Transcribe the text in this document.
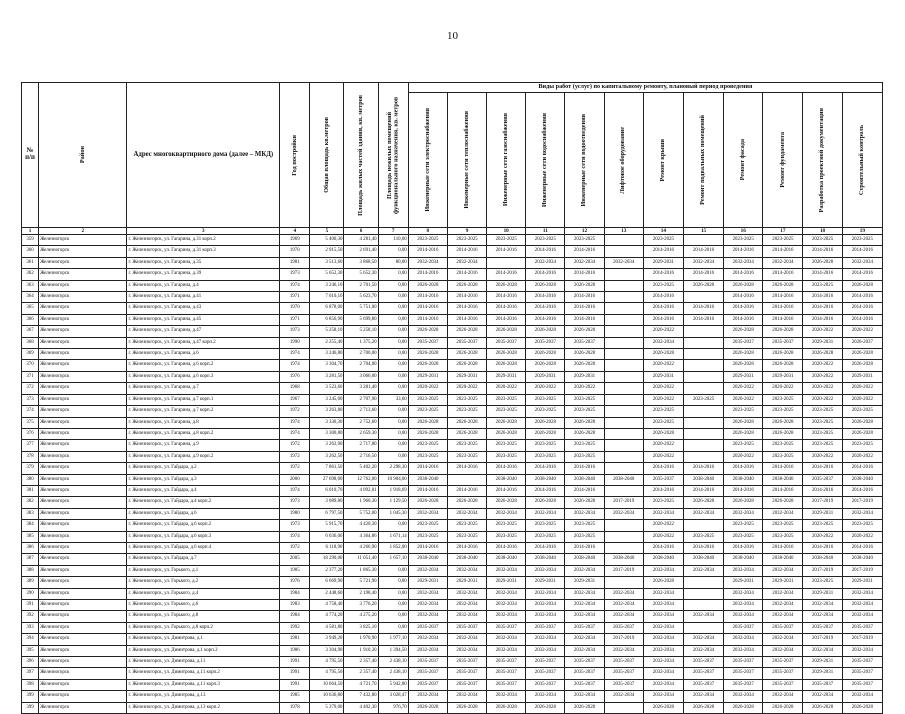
10
№
п/п	Район	Адрес многоквартирного дома (далее – МКД)	Год постройки	Общая площадь кв.метров	Площадь жилых частей здания, кв. метров	Площадь нежилых помещений функционального назначения, кв. метров	Виды работ (услуг) по капитальному ремонту, плановый период проведения											

							Инженерные сети электроснабжения	Инженерные сети теплоснабжения	Инженерные сети газоснабжения	Инженерные сети водоснабжения	Инженерные сети водоотведения	Лифтовое оборудование	Ремонт крыши	Ремонт подвальных помещений	Ремонт фасада	Ремонт фундамента	Разработка проектной документации	Строительный контроль

1	2	3	4	5	6	7	8	9	10	11	12	13	14	15	16	17	18	19
359	Железногорск	г. Железногорск, ул. Гагарина, д.31 корп.2	1969	5 400,30	4 281,40	110,00	2023-2025	2023-2025	2023-2025	2023-2025	2023-2025		2023-2025		2023-2025	2023-2025	2023-2025	2023-2025
360	Железногорск	г. Железногорск, ул. Гагарина, д.31 корп.3	1970	2 915,50	2 691,40	0,00	2014-2016	2014-2016	2014-2016	2014-2016	2014-2016		2014-2016	2014-2016	2014-2016	2014-2016	2014-2016	2014-2016
361	Железногорск	г. Железногорск, ул. Гагарина, д.35	1981	3 513,60	3 868,50	80,00	2032-2034	2032-2034		2032-2034	2032-2034	2032-2034	2029-2031	2032-2034	2032-2034	2032-2034	2026-2028	2032-2034
362	Железногорск	г. Железногорск, ул. Гагарина, д.39	1973	5 652,30	5 652,30	0,00	2014-2016	2014-2016	2014-2016	2014-2016	2014-2016		2014-2016	2014-2016	2014-2016	2014-2016	2014-2016	2014-2016
363	Железногорск	г. Железногорск, ул. Гагарина, д.4	1974	3 246,10	2 701,50	0,00	2026-2028	2026-2028	2026-2028	2026-2028	2026-2028		2023-2025	2026-2028	2026-2028	2026-2028	2023-2025	2026-2028
364	Железногорск	г. Железногорск, ул. Гагарина, д.41	1971	7 010,10	5 623,70	0,00	2014-2016	2014-2016	2014-2016	2014-2016	2014-2016		2014-2016		2014-2016	2014-2016	2014-2016	2014-2016
365	Железногорск	г. Железногорск, ул. Гагарина, д.43	1970	6 878,00	5 751,00	0,00	2014-2016	2014-2016	2014-2016	2014-2016	2014-2016		2014-2016	2014-2016	2014-2016	2014-2016	2014-2016	2014-2016
366	Железногорск	г. Железногорск, ул. Гагарина, д.45	1971	6 856,90	5 699,80	0,00	2014-2016	2014-2016	2014-2016	2014-2016	2014-2016		2014-2016	2014-2016	2014-2016	2014-2016	2014-2016	2014-2016
367	Железногорск	г. Железногорск, ул. Гагарина, д.47	1973	5 258,10	5 258,10	0,00	2026-2028	2026-2028	2026-2028	2026-2028	2026-2028		2020-2022		2026-2028	2026-2028	2020-2022	2020-2022
368	Железногорск	г. Железногорск, ул. Гагарина, д.47 корп.2	1990	2 255,40	1 375,20	0,00	2035-2037	2035-2037	2035-2037	2035-2037	2035-2037		2032-2034		2035-2037	2035-2037	2029-2031	2026-2037
369	Железногорск	г. Железногорск, ул. Гагарина, д.6	1974	3 246,80	2 700,00	0,00	2026-2028	2026-2028	2026-2028	2026-2028	2026-2028		2026-2028		2026-2028	2026-2028	2026-2028	2026-2028
370	Железногорск	г. Железногорск, ул. Гагарина, д.6 корп.2	1974	3 304,70	2 704,00	0,00	2026-2028	2026-2028	2026-2028	2026-2028	2026-2028		2020-2022		2026-2028	2026-2028	2020-2022	2026-2028
371	Железногорск	г. Железногорск, ул. Гагарина, д.6 корп.3	1976	3 281,50	3 066,00	0,00	2029-2031	2029-2031	2029-2031	2029-2031	2029-2031		2029-2031		2029-2031	2029-2031	2020-2022	2029-2031
372	Железногорск	г. Железногорск, ул. Гагарина, д.7	1968	3 523,60	3 281,40	0,00	2020-2022	2020-2022	2020-2022	2020-2022	2020-2022		2020-2022		2020-2022	2020-2022	2020-2022	2020-2022
373	Железногорск	г. Железногорск, ул. Гагарина, д.7 корп.1	1967	3 245,00	2 707,90	33,60	2023-2025	2023-2025	2023-2025	2023-2025	2023-2025		2020-2022	2023-2025	2020-2022	2023-2025	2020-2022	2020-2022
374	Железногорск	г. Железногорск, ул. Гагарина, д.7 корп.2	1972	3 263,80	2 713,60	0,00	2023-2025	2023-2025	2023-2025	2023-2025	2023-2025		2023-2025		2023-2025	2023-2025	2023-2025	2023-2025
375	Железногорск	г. Железногорск, ул. Гагарина, д.8	1974	3 330,30	2 752,60	0,00	2026-2028	2026-2028	2026-2028	2026-2028	2026-2028		2023-2025		2026-2028	2026-2028	2023-2025	2026-2028
376	Железногорск	г. Железногорск, ул. Гагарина, д.8 корп.2	1974	3 300,80	2 659,30	0,00	2026-2028	2026-2028	2026-2028	2026-2028	2026-2028		2026-2028		2026-2028	2026-2028	2023-2025	2026-2028
377	Железногорск	г. Железногорск, ул. Гагарина, д.9	1972	3 263,90	2 717,80	0,00	2023-2025	2023-2025	2023-2025	2023-2025	2023-2025		2020-2022		2023-2025	2023-2025	2023-2025	2023-2025
378	Железногорск	г. Железногорск, ул. Гагарина, д.9 корп.2	1972	3 262,50	2 716,50	0,00	2023-2025	2023-2025	2023-2025	2023-2025	2023-2025		2020-2022		2020-2022	2023-2025	2020-2022	2020-2022
379	Железногорск	г. Железногорск, ул. Гайдара, д.2	1972	7 861,50	5 402,20	2 298,30	2014-2016	2014-2016	2014-2016	2014-2016	2014-2016		2014-2016	2014-2016	2014-2016	2014-2016	2014-2016	2014-2016
380	Железногорск	г. Железногорск, ул. Гайдара, д.3	2000	27 698,00	12 762,00	10 904,00	2038-2040		2038-2040	2038-2040	2038-2040	2038-2040	2035-2037	2038-2040	2038-2040	2038-2040	2035-2037	2038-2040
381	Железногорск	г. Железногорск, ул. Гайдара, д.4	1974	6 010,70	4 092,01	1 918,69	2014-2016	2014-2016	2014-2016	2014-2016	2014-2016		2014-2016	2014-2016	2014-2016	2014-2016	2014-2016	2014-2016
382	Железногорск	г. Железногорск, ул. Гайдара, д.4 корп.2	1973	3 089,80	1 960,30	1 129,50	2026-2028	2026-2028	2026-2028	2026-2028	2026-2028	2017-2019	2023-2025	2026-2028	2026-2028	2026-2028	2017-2019	2017-2019
383	Железногорск	г. Железногорск, ул. Гайдара, д.6	1980	6 797,50	5 752,00	1 045,30	2032-2034	2032-2034	2032-2034	2032-2034	2032-2034	2032-2034	2032-2034	2032-2034	2032-2034	2032-2034	2029-2031	2032-2034
384	Железногорск	г. Железногорск, ул. Гайдара, д.6 корп.2	1973	5 915,70	4 420,30	0,00	2023-2025	2023-2025	2023-2025	2023-2025	2023-2025		2020-2022		2023-2025	2023-2025	2023-2025	2023-2025
385	Железногорск	г. Железногорск, ул. Гайдара, д.6 корп.3	1974	6 036,00	4 364,86	1 671,14	2023-2025	2023-2025	2023-2025	2023-2025	2023-2025		2020-2022	2023-2025	2023-2025	2023-2025	2020-2022	2020-2022
386	Железногорск	г. Железногорск, ул. Гайдара, д.6 корп.4	1972	6 118,90	4 266,90	1 852,00	2014-2016	2014-2016	2014-2016	2014-2016	2014-2016		2014-2016	2014-2016	2014-2016	2014-2016	2014-2016	2014-2016
387	Железногорск	г. Железногорск, ул. Гайдара, д.7	2005	18 290,00	11 051,40	1 657,10	2038-2040	2038-2040	2038-2040	2038-2040	2038-2040	2038-2040	2038-2040	2038-2040	2038-2040	2038-2040	2038-2040	2038-2040
388	Железногорск	г. Железногорск, ул. Горького, д.1	1985	2 377,20	1 865,30	0,00	2032-2034	2032-2034	2032-2034	2032-2034	2032-2034	2017-2019	2032-2034	2032-2034	2032-2034	2032-2034	2017-2019	2017-2019
389	Железногорск	г. Железногорск, ул. Горького, д.2	1976	6 669,90	5 721,90	0,00	2029-2031	2029-2031	2029-2031	2029-2031	2029-2031		2026-2028		2029-2031	2029-2031	2023-2025	2029-2031
390	Железногорск	г. Железногорск, ул. Горького, д.4	1984	2 448,60	2 198,40	0,00	2032-2034	2032-2034	2032-2034	2032-2034	2032-2034	2032-2034	2032-2034		2032-2034	2032-2034	2029-2031	2032-2034
391	Железногорск	г. Железногорск, ул. Горького, д.6	1983	4 758,40	3 776,20	0,00	2032-2034	2032-2034	2032-2034	2032-2034	2032-2034	2032-2034	2032-2034		2032-2034	2032-2034	2032-2034	2032-2034
392	Железногорск	г. Железногорск, ул. Горького, д.8	1984	4 774,20	4 275,20	0,00	2032-2034	2032-2034	2032-2034	2032-2034	2032-2034	2032-2034	2032-2034	2032-2034	2032-2034	2032-2034	2032-2034	2032-2034
393	Железногорск	г. Железногорск, ул. Горького, д.8 корп.2	1992	4 581,80	3 825,10	0,00	2035-2037	2035-2037	2035-2037	2035-2037	2035-2037	2035-2037	2032-2034		2035-2037	2035-2037	2035-2037	2035-2037
394	Железногорск	г. Железногорск, ул. Димитрова, д.1	1981	3 949,20	1 970,90	1 977,10	2032-2034	2032-2034	2032-2034	2032-2034	2032-2034	2017-2019	2032-2034	2032-2034	2032-2034	2032-2034	2017-2019	2017-2019
395	Железногорск	г. Железногорск, ул. Димитрова, д.1 корп.2	1986	3 304,90	1 910,30	1 394,50	2032-2034	2032-2034	2032-2034	2032-2034	2032-2034	2032-2034	2032-2034	2032-2034	2032-2034	2032-2034	2032-2034	2032-2034
396	Железногорск	г. Железногорск, ул. Димитрова, д.11	1991	4 795,50	2 357,40	2 438,10	2035-2037	2035-2037	2035-2037	2035-2037	2035-2037	2035-2037	2032-2034	2035-2037	2035-2037	2035-2037	2029-2031	2035-2037
397	Железногорск	г. Железногорск, ул. Димитрова, д.11 корп.2	1991	4 795,50	2 357,40	2 438,10	2035-2037	2035-2037	2035-2037	2035-2037	2035-2037	2035-2037	2032-2034	2035-2037	2035-2037	2035-2037	2029-2031	2035-2037
398	Железногорск	г. Железногорск, ул. Димитрова, д.11 корп.3	1991	10 664,50	4 721,70	5 942,80	2035-2037	2035-2037	2035-2037	2035-2037	2035-2037	2035-2037	2032-2034	2035-2037	2035-2037	2035-2037	2035-2037	2035-2037
399	Железногорск	г. Железногорск, ул. Димитрова, д.13	1985	10 636,80	7 432,80	3 028,47	2032-2034	2032-2034	2032-2034	2032-2034	2032-2034	2032-2034	2032-2034	2032-2034	2032-2034	2032-2034	2032-2034	2032-2034
399	Железногорск	г. Железногорск, ул. Димитрова, д.13 корп.2	1978	5 379,00	4 402,30	976,70	2026-2028	2026-2028	2026-2028	2026-2028	2026-2028		2026-2028	2026-2028	2026-2028	2026-2028	2026-2028	2026-2028
